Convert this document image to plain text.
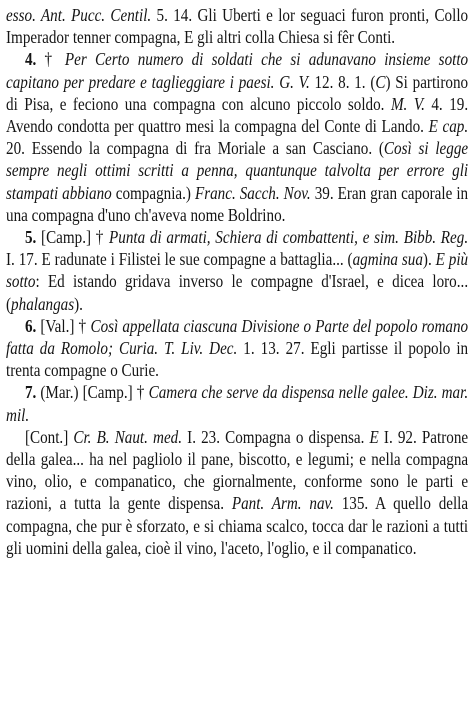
esso. Ant. Pucc. Centil. 5. 14. Gli Uberti e lor seguaci furon pronti, Collo Imperador tenner compagna, E gli altri colla Chiesa si fêr Conti.

4. † Per Certo numero di soldati che si adunavano insieme sotto capitano per predare e taglieggiare i paesi. G. V. 12. 8. 1. (C) Si partirono di Pisa, e feciono una compagna con alcuno piccolo soldo. M. V. 4. 19. Avendo condotta per quattro mesi la compagna del Conte di Lando. E cap. 20. Essendo la compagna di fra Moriale a san Casciano. (Così si legge sempre negli ottimi scritti a penna, quantunque talvolta per errore gli stampati abbiano compagnia.) Franc. Sacch. Nov. 39. Eran gran caporale in una compagna d'uno ch'aveva nome Boldrino.

5. [Camp.] † Punta di armati, Schiera di combattenti, e sim. Bibb. Reg. I. 17. E radunate i Filistei le sue compagne a battaglia... (agmina sua). E più sotto: Ed istando gridava inverso le compagne d'Israel, e dicea loro... (phalangas).

6. [Val.] † Così appellata ciascuna Divisione o Parte del popolo romano fatta da Romolo; Curia. T. Liv. Dec. 1. 13. 27. Egli partisse il popolo in trenta compagne o Curie.

7. (Mar.) [Camp.] † Camera che serve da dispensa nelle galee. Diz. mar. mil.

[Cont.] Cr. B. Naut. med. I. 23. Compagna o dispensa. E I. 92. Patrone della galea... ha nel pagliolo il pane, biscotto, e legumi; e nella compagna vino, olio, e companatico, che giornalmente, conforme sono le parti e razioni, a tutta la gente dispensa. Pant. Arm. nav. 135. A quello della compagna, che pur è sforzato, e si chiama scalco, tocca dar le razioni a tutti gli uomini della galea, cioè il vino, l'aceto, l'oglio, e il companatico.
